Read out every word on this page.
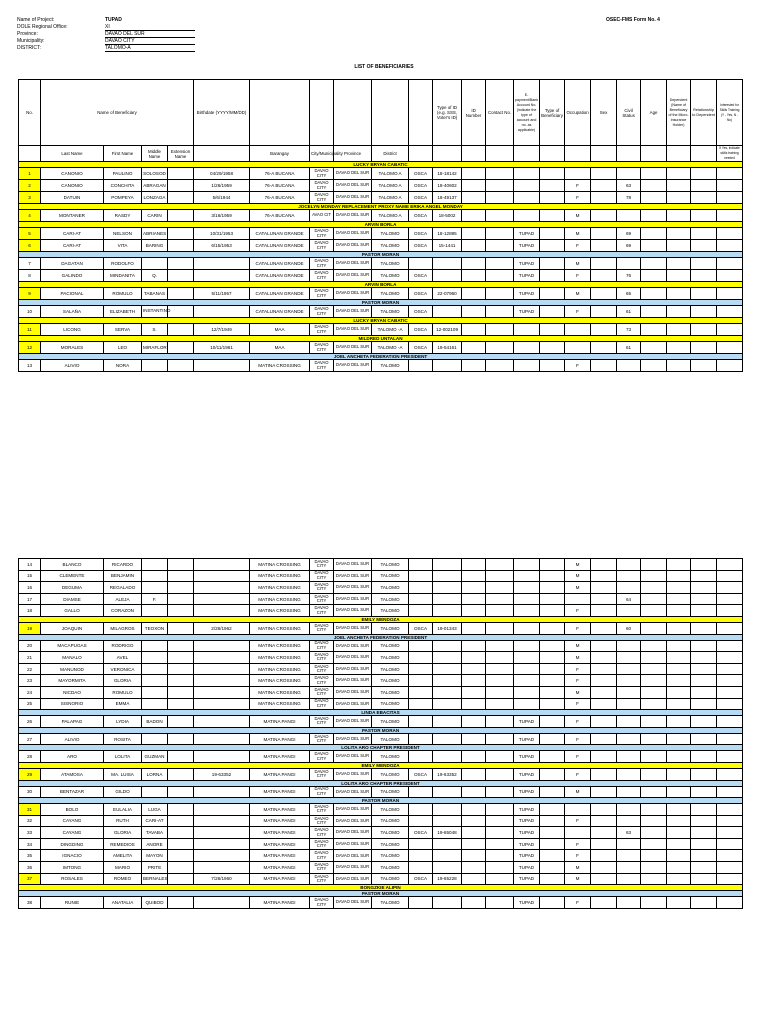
Name of Project:	TUPAD
DOLE Regional Office:	XI
Province:	DAVAO DEL SUR
Municipality:	DAVAO CITY
DISTRICT:	TALOMO-A
OSEC-FMS Form No. 4
LIST OF BENEFICIARIES
No.	Name of Beneficiary				Birthdate (YYYY/MM/DD)						Type of ID (e.g. SSS, Voter's ID)	ID Number	Contact No.	E-payment/Bank Account No. (indicate the type of account and no. as applicable)	Type of Beneficiary	Occupation	Sex	Civil Status	Age	Dependent (Name of Beneficiary of the Micro-Insurance Holder)	Relationship to Dependent	Interested for Skills Training (Y - Yes, N - No)
	Last Name	First Name	Middle Name	Extension Name		Barangay	City/Municipality	Province	District													If Yes, indicate skills training needed
LUCKY BRYAN CABATIC																						
1	CANONIO	PAULINO	SOLOSOD		04/29/1958	76-A BUCANA	DAVAO CITY	DAVAO DEL SUR	TALOMO A	OSCA	18-18142											
2	CANONIO	CONCHITA	ABRAGAN		1/26/1959	76-A BUCANA	DAVAO CITY	DAVAO DEL SUR	TALOMO A	OSCA	18-40602					F		63				
3	DATUIN	POMPEYA	LONZAGA		5/6/1944	76-A BUCANA	DAVAO CITY	DAVAO DEL SUR	TALOMO A	OSCA	18-49137					F		78				
JOCELYN MONDAY REPLACEMENT PROXY NAME ERIKA ANGEL MONDAY																						
4	MONTANER	RASDY	CARIN		3/16/1959	76-A BUCANA	AVAO CIT	DAVAO DEL SUR	TALOMO A	OSCA	18-5002					M						
ARVIN BORLA																						
5	CARI-AT	NELSON	ABRIANES		10/31/1953	CATALUNAN GRANDE	DAVAO CITY	DAVAO DEL SUR	TALOMO	OSCA	18-12895			TUPAD		M		69				
6	CARI-AT	VITA	BARING		6/15/1953	CATALUNAN GRANDE	DAVAO CITY	DAVAO DEL SUR	TALOMO	OSCA	15-1441			TUPAD		F		69				
PASTOR MORAN																						
7	DAGATAN	RODOLFO				CATALUNAN GRANDE	DAVAO CITY	DAVAO DEL SUR	TALOMO					TUPAD		M						
8	GALINDO	MINDANITA	Q.			CATALUNAN GRANDE	DAVAO CITY	DAVAO DEL SUR	TALOMO	OSCA				TUPAD		F		76				
ARVIN BORLA																						
9	PACIONAL	ROMULO	TABANAS		5/11/1957	CATALUNAN GRANDE	DAVAO CITY	DAVAO DEL SUR	TALOMO	OSCA	22-07960			TUPAD		M		65				
PASTOR MORAN																						
10	SALAÑA	ELIZABETH	INSTANTINO			CATALUNAN GRANDE	DAVAO CITY	DAVAO DEL SUR	TALOMO	OSCA				TUPAD		F		61				
LUCKY BRYAN CABATIC																						
11	LICONG	SERVA	S.		12/7/1949	MAA	DAVAO CITY	DAVAO DEL SUR	TALOMO -A	OSCA	12-002109							73				
MILDRED UNTALAN																						
12	MORALES	LEO	MIRAFLOR		10/11/1961	MAA	DAVAO CITY	DAVAO DEL SUR	TALOMO -A	OSCA	19-54161							61				
JOEL ANCHETA FEDERATION PRESIDENT																						
13	ALIVIO	NORA				MATINA CROSSING	DAVAO CITY	DAVAO DEL SUR	TALOMO							F						
14	BLANCO	RICARDO				MATINA CROSSING	DAVAO CITY	DAVAO DEL SUR	TALOMO							M						
15	CLEMENTE	BENJAMIN				MATINA CROSSING	DAVAO CITY	DAVAO DEL SUR	TALOMO							M						
16	DEGUMA	REGALADO				MATINA CROSSING	DAVAO CITY	DAVAO DEL SUR	TALOMO							M						
17	DIAMSE	ALEJA	F.			MATINA CROSSING	DAVAO CITY	DAVAO DEL SUR	TALOMO									64				
18	GALLO	CORAZON				MATINA CROSSING	DAVAO CITY	DAVAO DEL SUR	TALOMO							F						
EMILY MENDOZA																						
19	JOAQUIN	MILAGROS	TEOXON		2/28/1962	MATINA CROSSING	DAVAO CITY	DAVAO DEL SUR	TALOMO	OSCA	19-01343					F		60				
JOEL ANCHETA FEDERATION PRESIDENT																						
20	MACAPUGAS	RODRIGO				MATINA CROSSING	DAVAO CITY	DAVAO DEL SUR	TALOMO							M						
21	MANALO	AVEL				MATINA CROSSING	DAVAO CITY	DAVAO DEL SUR	TALOMO							M						
22	MANUNOD	VERONICA				MATINA CROSSING	DAVAO CITY	DAVAO DEL SUR	TALOMO							F						
23	MAYORMITA	GLORIA				MATINA CROSSING	DAVAO CITY	DAVAO DEL SUR	TALOMO							F						
24	NICDAO	ROMULO				MATINA CROSSING	DAVAO CITY	DAVAO DEL SUR	TALOMO							M						
25	SISNORIO	EMMA				MATINA CROSSING	DAVAO CITY	DAVAO DEL SUR	TALOMO							F						
LINDA EBACITAS																						
26	PALAPAG	LYDIA	BADON			MATINA PANGI	DAVAO CITY	DAVAO DEL SUR	TALOMO					TUPAD		F						
PASTOR MORAN																						
27	ALIVIO	ROSITA				MATINA PANGI	DAVAO CITY	DAVAO DEL SUR	TALOMO					TUPAD		F						
LOLITA ARO CHAPTER PRESIDENT																						
28	ARO	LOLITA	GUZMAN			MATINA PANGI	DAVAO CITY	DAVAO DEL SUR	TALOMO					TUPAD		F						
EMILY MENDOZA																						
29	ATAMOSA	MA. LUISA	LORNA		19-63352	MATINA PANGI	DAVAO CITY	DAVAO DEL SUR	TALOMO	OSCA	19-63352			TUPAD		F						
LOLITA ARO CHAPTER PRESIDENT																						
30	BENTAZAR	GILDO				MATINA PANGI	DAVAO CITY	DAVAO DEL SUR	TALOMO					TUPAD		M						
PASTOR MORAN																						
31	BOLO	EULALIA	LUGA			MATINA PANGI	DAVAO CITY	DAVAO DEL SUR	TALOMO					TUPAD								
32	CAYANG	RUTH	CARI-AT			MATINA PANGI	DAVAO CITY	DAVAO DEL SUR	TALOMO					TUPAD		F						
33	CAYANG	GLORIA	TAVABA			MATINA PANGI	DAVAO CITY	DAVAO DEL SUR	TALOMO	OSCA	19-65048			TUPAD				63				
34	DINGDING	REMEDIOS	ANORE			MATINA PANGI	DAVAO CITY	DAVAO DEL SUR	TALOMO					TUPAD		F						
35	IGNACIO	AMELITA	MAYON			MATINA PANGI	DAVAO CITY	DAVAO DEL SUR	TALOMO					TUPAD		F						
36	IMTONG	MARIO	PRITE			MATINA PANGI	DAVAO CITY	DAVAO DEL SUR	TALOMO					TUPAD		M						
37	ROSALES	ROMEO	BERNALES		7/28/1960	MATINA PANGI	DAVAO CITY	DAVAO DEL SUR	TALOMO	OSCA	19-65228			TUPAD		M						
BONGZKIE ALIPIN																						
PASTOR MORAN																						
38	RUNIE	ANATALIA	QUIBOD			MATINA PANGI	DAVAO CITY	DAVAO DEL SUR	TALOMO					TUPAD		F						
